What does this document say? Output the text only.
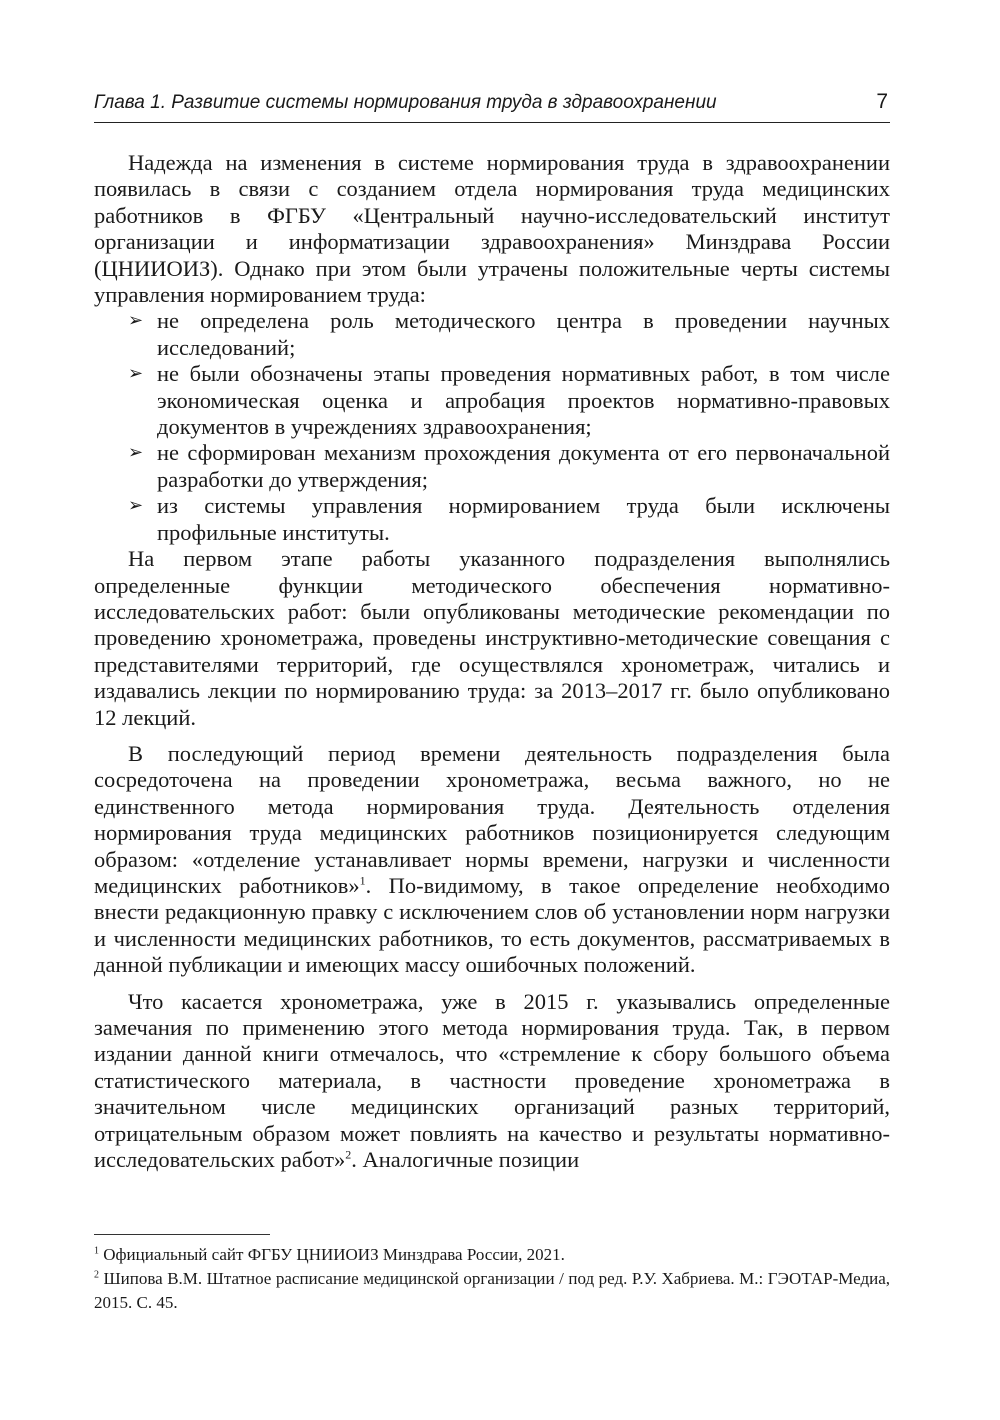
Глава 1. Развитие системы нормирования труда в здравоохранении	7

Надежда на изменения в системе нормирования труда в здравоохранении появилась в связи с созданием отдела нормирования труда медицинских работников в ФГБУ «Центральный научно-исследовательский институт организации и информатизации здравоохранения» Минздрава России (ЦНИИОИЗ). Однако при этом были утрачены положительные черты системы управления нормированием труда:

➢ не определена роль методического центра в проведении научных исследований;
➢ не были обозначены этапы проведения нормативных работ, в том числе экономическая оценка и апробация проектов нормативно-правовых документов в учреждениях здравоохранения;
➢ не сформирован механизм прохождения документа от его первоначальной разработки до утверждения;
➢ из системы управления нормированием труда были исключены профильные институты.

На первом этапе работы указанного подразделения выполнялись определенные функции методического обеспечения нормативно-исследовательских работ: были опубликованы методические рекомендации по проведению хронометража, проведены инструктивно-методические совещания с представителями территорий, где осуществлялся хронометраж, читались и издавались лекции по нормированию труда: за 2013–2017 гг. было опубликовано 12 лекций.

В последующий период времени деятельность подразделения была сосредоточена на проведении хронометража, весьма важного, но не единственного метода нормирования труда. Деятельность отделения нормирования труда медицинских работников позиционируется следующим образом: «отделение устанавливает нормы времени, нагрузки и численности медицинских работников»$^1$. По-видимому, в такое определение необходимо внести редакционную правку с исключением слов об установлении норм нагрузки и численности медицинских работников, то есть документов, рассматриваемых в данной публикации и имеющих массу ошибочных положений.

Что касается хронометража, уже в 2015 г. указывались определенные замечания по применению этого метода нормирования труда. Так, в первом издании данной книги отмечалось, что «стремление к сбору большого объема статистического материала, в частности проведение хронометража в значительном числе медицинских организаций разных территорий, отрицательным образом может повлиять на качество и результаты нормативно-исследовательских работ»$^2$. Аналогичные позиции

$^1$ Официальный сайт ФГБУ ЦНИИОИЗ Минздрава России, 2021.
$^2$ Шипова В.М. Штатное расписание медицинской организации / под ред. Р.У. Хабриева. М.: ГЭОТАР-Медиа, 2015. С. 45.
